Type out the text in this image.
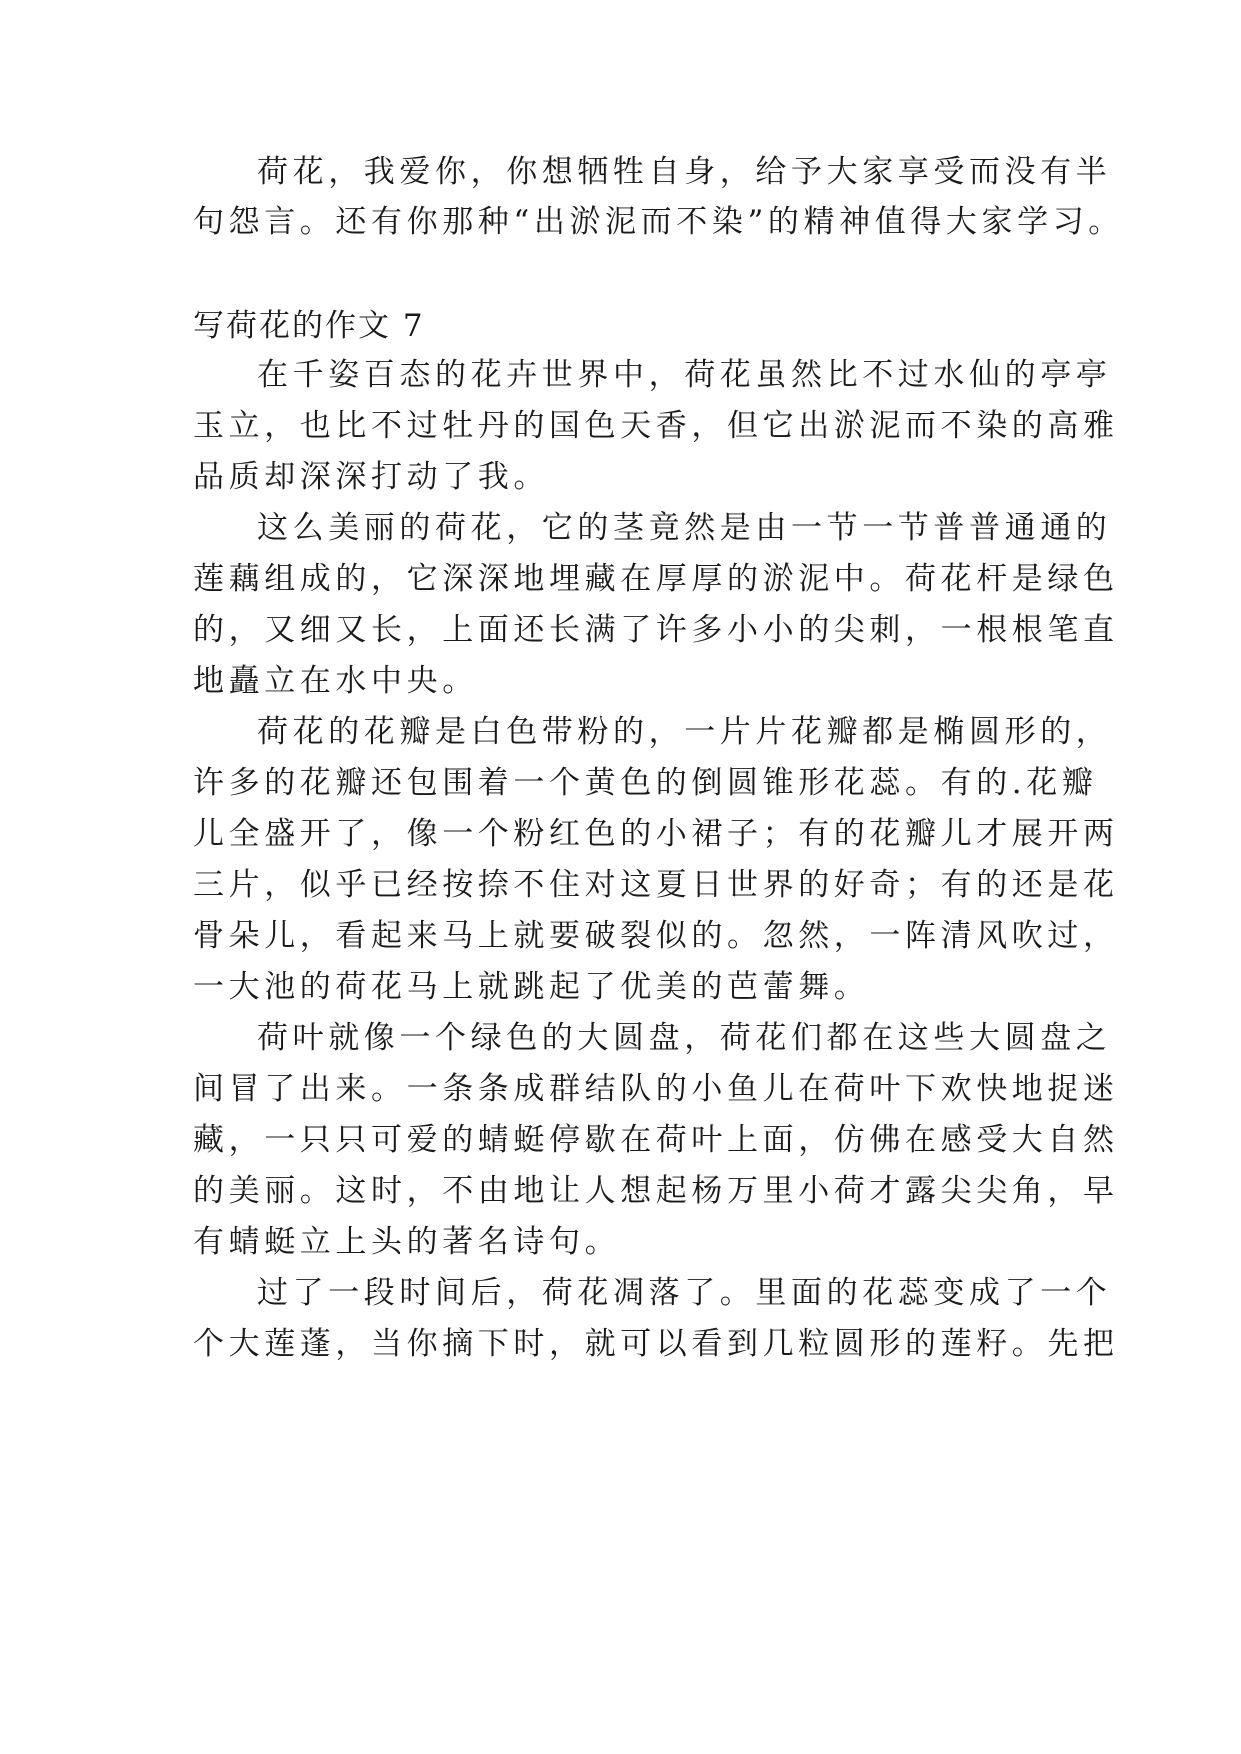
荷花，我爱你，你想牺牲自身，给予大家享受而没有半

句怨言。还有你那种“出淤泥而不染”的精神值得大家学习。

写荷花的作文 7

在千姿百态的花卉世界中，荷花虽然比不过水仙的亭亭

玉立，也比不过牡丹的国色天香，但它出淤泥而不染的高雅

品质却深深打动了我。

这么美丽的荷花，它的茎竟然是由一节一节普普通通的

莲藕组成的，它深深地埋藏在厚厚的淤泥中。荷花杆是绿色

的，又细又长，上面还长满了许多小小的尖刺，一根根笔直

地矗立在水中央。

荷花的花瓣是白色带粉的，一片片花瓣都是椭圆形的，

许多的花瓣还包围着一个黄色的倒圆锥形花蕊。有的.花瓣

儿全盛开了，像一个粉红色的小裙子；有的花瓣儿才展开两

三片，似乎已经按捺不住对这夏日世界的好奇；有的还是花

骨朵儿，看起来马上就要破裂似的。忽然，一阵清风吹过，

一大池的荷花马上就跳起了优美的芭蕾舞。

荷叶就像一个绿色的大圆盘，荷花们都在这些大圆盘之

间冒了出来。一条条成群结队的小鱼儿在荷叶下欢快地捉迷

藏，一只只可爱的蜻蜓停歇在荷叶上面，仿佛在感受大自然

的美丽。这时，不由地让人想起杨万里小荷才露尖尖角，早

有蜻蜓立上头的著名诗句。

过了一段时间后，荷花凋落了。里面的花蕊变成了一个

个大莲蓬，当你摘下时，就可以看到几粒圆形的莲籽。先把
